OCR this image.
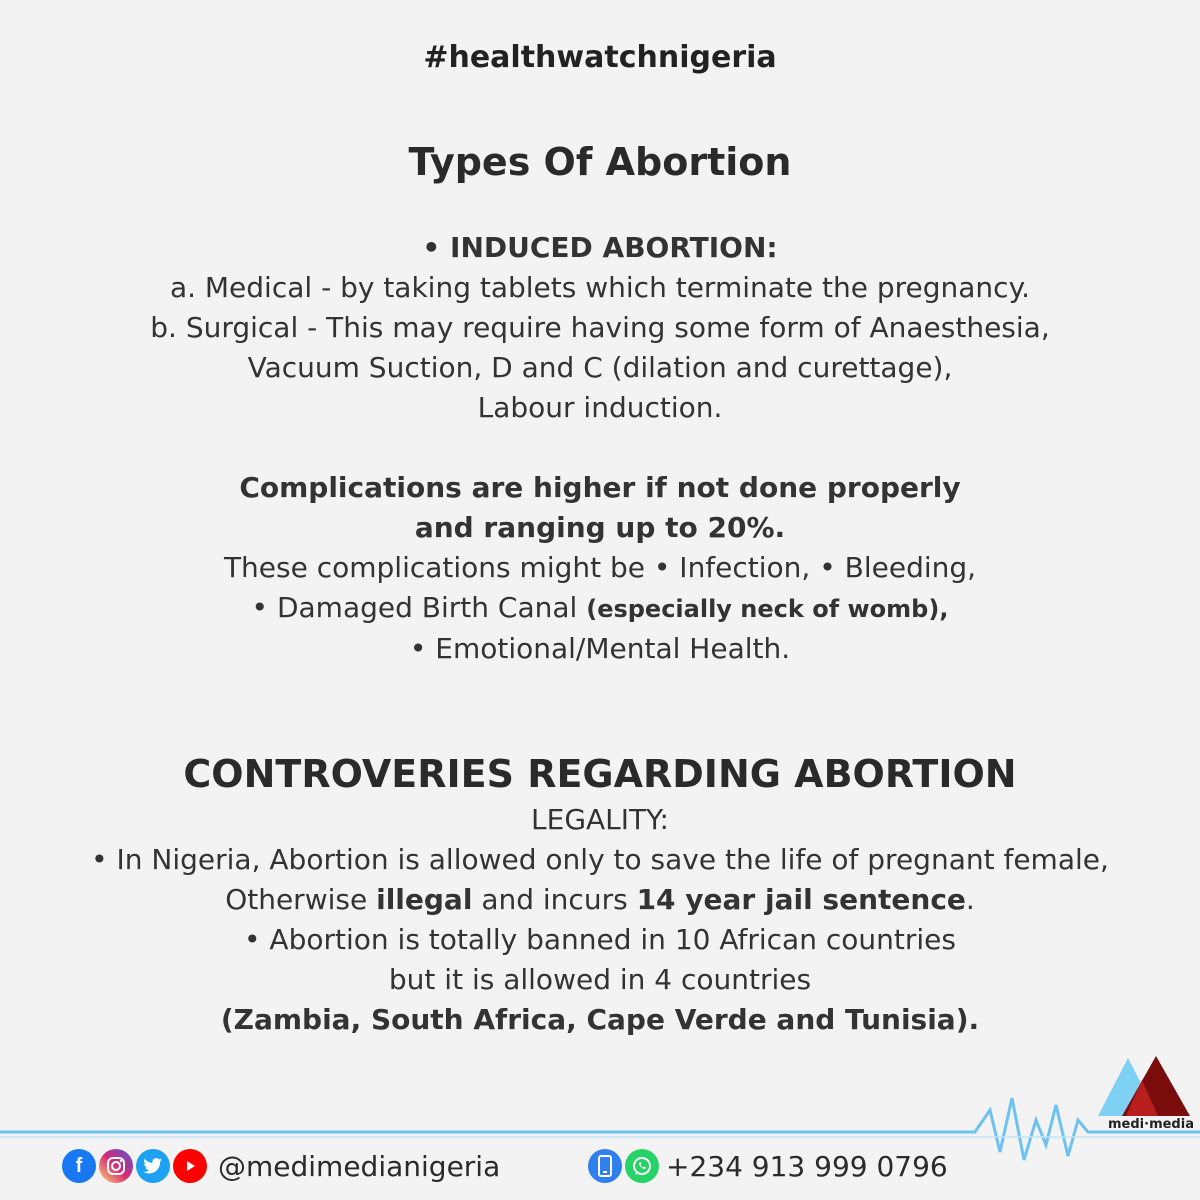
#healthwatchnigeria
Types Of Abortion
• INDUCED ABORTION:
a. Medical - by taking tablets which terminate the pregnancy.
b. Surgical - This may require having some form of Anaesthesia,
Vacuum Suction, D and C (dilation and curettage),
Labour induction.
Complications are higher if not done properly
and ranging up to 20%.
These complications might be • Infection, • Bleeding,
• Damaged Birth Canal (especially neck of womb),
• Emotional/Mental Health.
CONTROVERIES REGARDING ABORTION
LEGALITY:
• In Nigeria, Abortion is allowed only to save the life of pregnant female,
Otherwise illegal and incurs 14 year jail sentence.
• Abortion is totally banned in 10 African countries
but it is allowed in 4 countries
(Zambia, South Africa, Cape Verde and Tunisia).
medi·media
f	@medimedianigeria	+234 913 999 0796
